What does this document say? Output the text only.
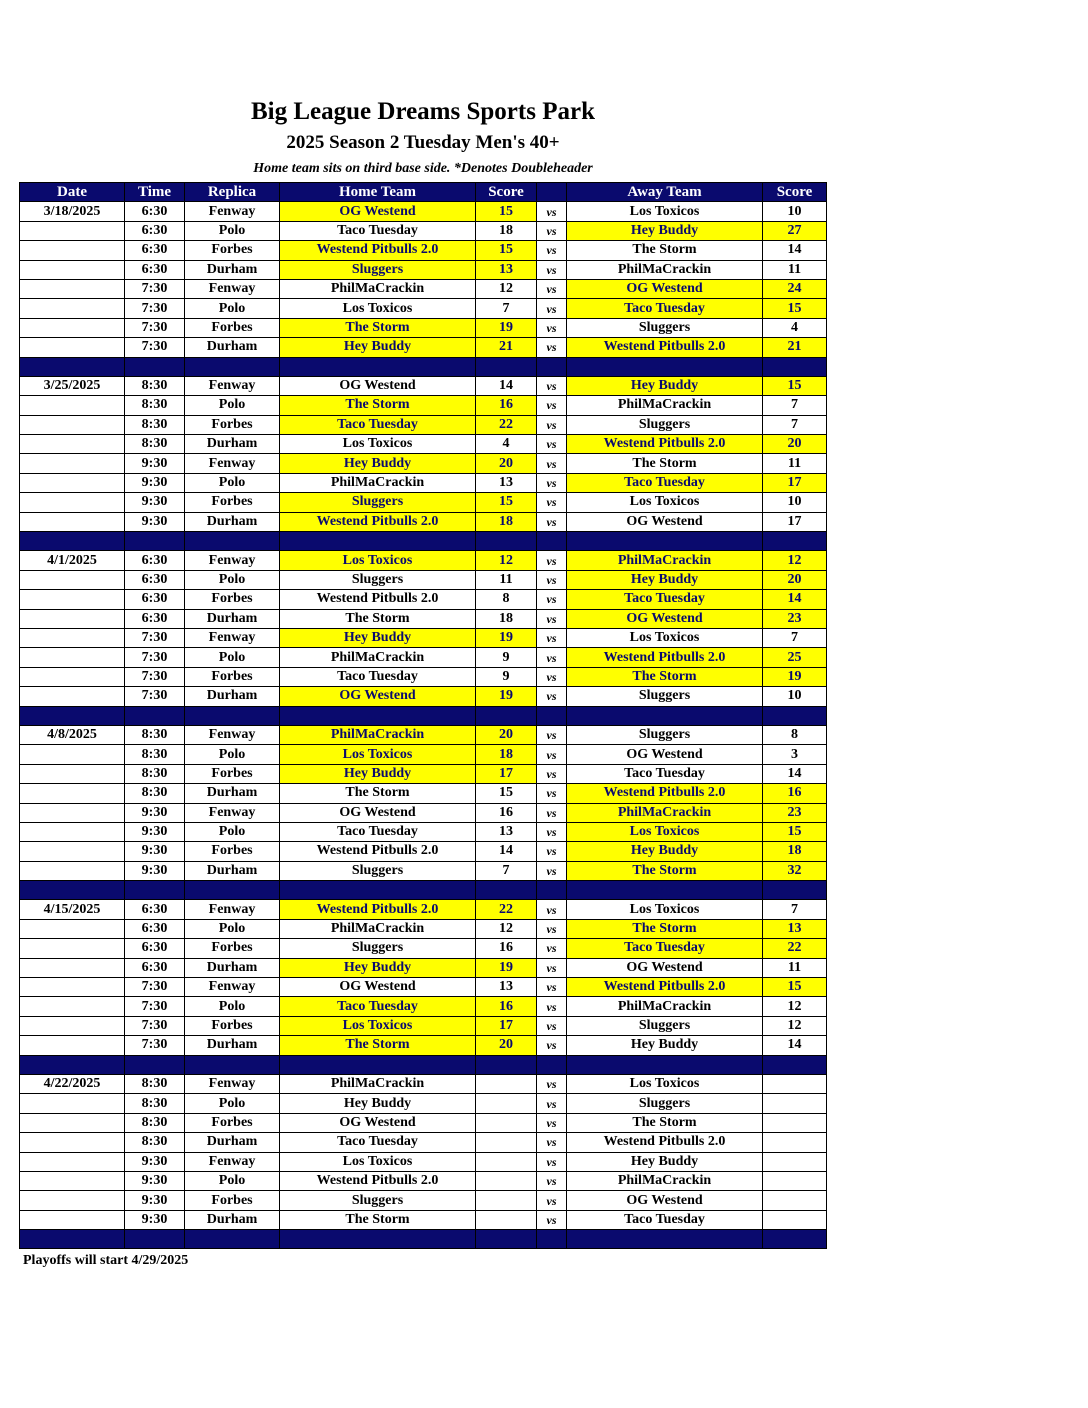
Big League Dreams Sports Park
2025 Season 2 Tuesday Men's 40+
Home team sits on third base side. *Denotes Doubleheader
Date	Time	Replica	Home Team	Score		Away Team	Score
3/18/2025	6:30	Fenway	OG Westend	15	vs	Los Toxicos	10
	6:30	Polo	Taco Tuesday	18	vs	Hey Buddy	27
	6:30	Forbes	Westend Pitbulls 2.0	15	vs	The Storm	14
	6:30	Durham	Sluggers	13	vs	PhilMaCrackin	11
	7:30	Fenway	PhilMaCrackin	12	vs	OG Westend	24
	7:30	Polo	Los Toxicos	7	vs	Taco Tuesday	15
	7:30	Forbes	The Storm	19	vs	Sluggers	4
	7:30	Durham	Hey Buddy	21	vs	Westend Pitbulls 2.0	21

3/25/2025	8:30	Fenway	OG Westend	14	vs	Hey Buddy	15
	8:30	Polo	The Storm	16	vs	PhilMaCrackin	7
	8:30	Forbes	Taco Tuesday	22	vs	Sluggers	7
	8:30	Durham	Los Toxicos	4	vs	Westend Pitbulls 2.0	20
	9:30	Fenway	Hey Buddy	20	vs	The Storm	11
	9:30	Polo	PhilMaCrackin	13	vs	Taco Tuesday	17
	9:30	Forbes	Sluggers	15	vs	Los Toxicos	10
	9:30	Durham	Westend Pitbulls 2.0	18	vs	OG Westend	17

4/1/2025	6:30	Fenway	Los Toxicos	12	vs	PhilMaCrackin	12
	6:30	Polo	Sluggers	11	vs	Hey Buddy	20
	6:30	Forbes	Westend Pitbulls 2.0	8	vs	Taco Tuesday	14
	6:30	Durham	The Storm	18	vs	OG Westend	23
	7:30	Fenway	Hey Buddy	19	vs	Los Toxicos	7
	7:30	Polo	PhilMaCrackin	9	vs	Westend Pitbulls 2.0	25
	7:30	Forbes	Taco Tuesday	9	vs	The Storm	19
	7:30	Durham	OG Westend	19	vs	Sluggers	10

4/8/2025	8:30	Fenway	PhilMaCrackin	20	vs	Sluggers	8
	8:30	Polo	Los Toxicos	18	vs	OG Westend	3
	8:30	Forbes	Hey Buddy	17	vs	Taco Tuesday	14
	8:30	Durham	The Storm	15	vs	Westend Pitbulls 2.0	16
	9:30	Fenway	OG Westend	16	vs	PhilMaCrackin	23
	9:30	Polo	Taco Tuesday	13	vs	Los Toxicos	15
	9:30	Forbes	Westend Pitbulls 2.0	14	vs	Hey Buddy	18
	9:30	Durham	Sluggers	7	vs	The Storm	32

4/15/2025	6:30	Fenway	Westend Pitbulls 2.0	22	vs	Los Toxicos	7
	6:30	Polo	PhilMaCrackin	12	vs	The Storm	13
	6:30	Forbes	Sluggers	16	vs	Taco Tuesday	22
	6:30	Durham	Hey Buddy	19	vs	OG Westend	11
	7:30	Fenway	OG Westend	13	vs	Westend Pitbulls 2.0	15
	7:30	Polo	Taco Tuesday	16	vs	PhilMaCrackin	12
	7:30	Forbes	Los Toxicos	17	vs	Sluggers	12
	7:30	Durham	The Storm	20	vs	Hey Buddy	14

4/22/2025	8:30	Fenway	PhilMaCrackin		vs	Los Toxicos	
	8:30	Polo	Hey Buddy		vs	Sluggers	
	8:30	Forbes	OG Westend		vs	The Storm	
	8:30	Durham	Taco Tuesday		vs	Westend Pitbulls 2.0	
	9:30	Fenway	Los Toxicos		vs	Hey Buddy	
	9:30	Polo	Westend Pitbulls 2.0		vs	PhilMaCrackin	
	9:30	Forbes	Sluggers		vs	OG Westend	
	9:30	Durham	The Storm		vs	Taco Tuesday	

Playoffs will start 4/29/2025
